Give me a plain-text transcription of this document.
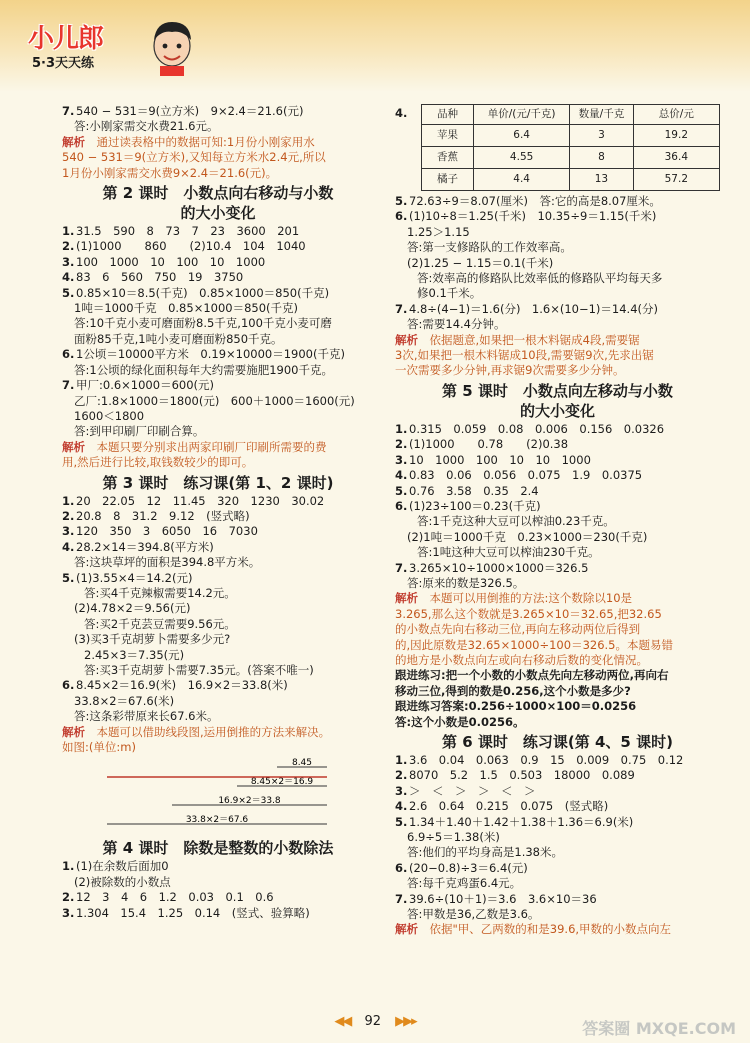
小儿郎
5·3天天练
7. 540 − 531＝9(立方米)　9×2.4＝21.6(元)
答:小刚家需交水费21.6元。
解析　通过读表格中的数据可知:1月份小刚家用水
540 − 531＝9(立方米),又知每立方米水2.4元,所以
1月份小刚家需交水费9×2.4＝21.6(元)。
第 2 课时　小数点向右移动与小数
的大小变化
1. 31.5　590　8　73　7　23　3600　201
2. (1)1000　　860　　(2)10.4　104　1040
3. 100　1000　10　100　10　1000
4. 83　6　560　750　19　3750
5. 0.85×10＝8.5(千克)　0.85×1000＝850(千克)
1吨＝1000千克　0.85×1000＝850(千克)
答:10千克小麦可磨面粉8.5千克,100千克小麦可磨
面粉85千克,1吨小麦可磨面粉850千克。
6. 1公顷＝10000平方米　0.19×10000＝1900(千克)
答:1公顷的绿化面积每年大约需要施肥1900千克。
7. 甲厂:0.6×1000＝600(元)
乙厂:1.8×1000＝1800(元)　600＋1000＝1600(元)
1600＜1800
答:到甲印刷厂印刷合算。
解析　本题只要分别求出两家印刷厂印刷所需要的费
用,然后进行比较,取钱数较少的即可。
第 3 课时　练习课(第 1、2 课时)
1. 20　22.05　12　11.45　320　1230　30.02
2. 20.8　8　31.2　9.12　(竖式略)
3. 120　350　3　6050　16　7030
4. 28.2×14＝394.8(平方米)
答:这块草坪的面积是394.8平方米。
5. (1)3.55×4＝14.2(元)
答:买4千克辣椒需要14.2元。
(2)4.78×2＝9.56(元)
答:买2千克芸豆需要9.56元。
(3)买3千克胡萝卜需要多少元?
2.45×3＝7.35(元)
答:买3千克胡萝卜需要7.35元。(答案不唯一)
6. 8.45×2＝16.9(米)　16.9×2＝33.8(米)
33.8×2＝67.6(米)
答:这条彩带原来长67.6米。
解析　本题可以借助线段图,运用倒推的方法来解决。
如图:(单位:m)
8.45
8.45×2＝16.9
16.9×2＝33.8
33.8×2＝67.6
第 4 课时　除数是整数的小数除法
1. (1)在余数后面加0
(2)被除数的小数点
2. 12　3　4　6　1.2　0.03　0.1　0.6
3. 1.304　15.4　1.25　0.14　(竖式、验算略)
4.	品种	单价/(元/千克)	数量/千克	总价/元
苹果	6.4	3	19.2
香蕉	4.55	8	36.4
橘子	4.4	13	57.2
5. 72.63÷9＝8.07(厘米)　答:它的高是8.07厘米。
6. (1)10÷8＝1.25(千米)　10.35÷9＝1.15(千米)
1.25＞1.15
答:第一支修路队的工作效率高。
(2)1.25 − 1.15＝0.1(千米)
答:效率高的修路队比效率低的修路队平均每天多
修0.1千米。
7. 4.8÷(4−1)＝1.6(分)　1.6×(10−1)＝14.4(分)
答:需要14.4分钟。
解析　依据题意,如果把一根木料锯成4段,需要锯
3次,如果把一根木料锯成10段,需要锯9次,先求出锯
一次需要多少分钟,再求锯9次需要多少分钟。
第 5 课时　小数点向左移动与小数
的大小变化
1. 0.315　0.059　0.08　0.006　0.156　0.0326
2. (1)1000　　0.78　　(2)0.38
3. 10　1000　100　10　10　1000
4. 0.83　0.06　0.056　0.075　1.9　0.0375
5. 0.76　3.58　0.35　2.4
6. (1)23÷100＝0.23(千克)
答:1千克这种大豆可以榨油0.23千克。
(2)1吨＝1000千克　0.23×1000＝230(千克)
答:1吨这种大豆可以榨油230千克。
7. 3.265×10÷1000×1000＝326.5
答:原来的数是326.5。
解析　本题可以用倒推的方法:这个数除以10是
3.265,那么这个数就是3.265×10＝32.65,把32.65
的小数点先向右移动三位,再向左移动两位后得到
的,因此原数是32.65×1000÷100＝326.5。本题易错
的地方是小数点向左或向右移动后数的变化情况。
跟进练习:把一个小数的小数点先向左移动两位,再向右
移动三位,得到的数是0.256,这个小数是多少?
跟进练习答案:0.256÷1000×100＝0.0256
答:这个小数是0.0256。
第 6 课时　练习课(第 4、5 课时)
1. 3.6　0.04　0.063　0.9　15　0.009　0.75　0.12
2. 8070　5.2　1.5　0.503　18000　0.089
3. ＞　＜　＞　＞　＜　＞
4. 2.6　0.64　0.215　0.075　(竖式略)
5. 1.34＋1.40＋1.42＋1.38＋1.36＝6.9(米)
6.9÷5＝1.38(米)
答:他们的平均身高是1.38米。
6. (20−0.8)÷3＝6.4(元)
答:每千克鸡蛋6.4元。
7. 39.6÷(10＋1)＝3.6　3.6×10＝36
答:甲数是36,乙数是3.6。
解析　依据"甲、乙两数的和是39.6,甲数的小数点向左
◀◀ 92 ▶▶▸	答案圈 MXQE.COM
